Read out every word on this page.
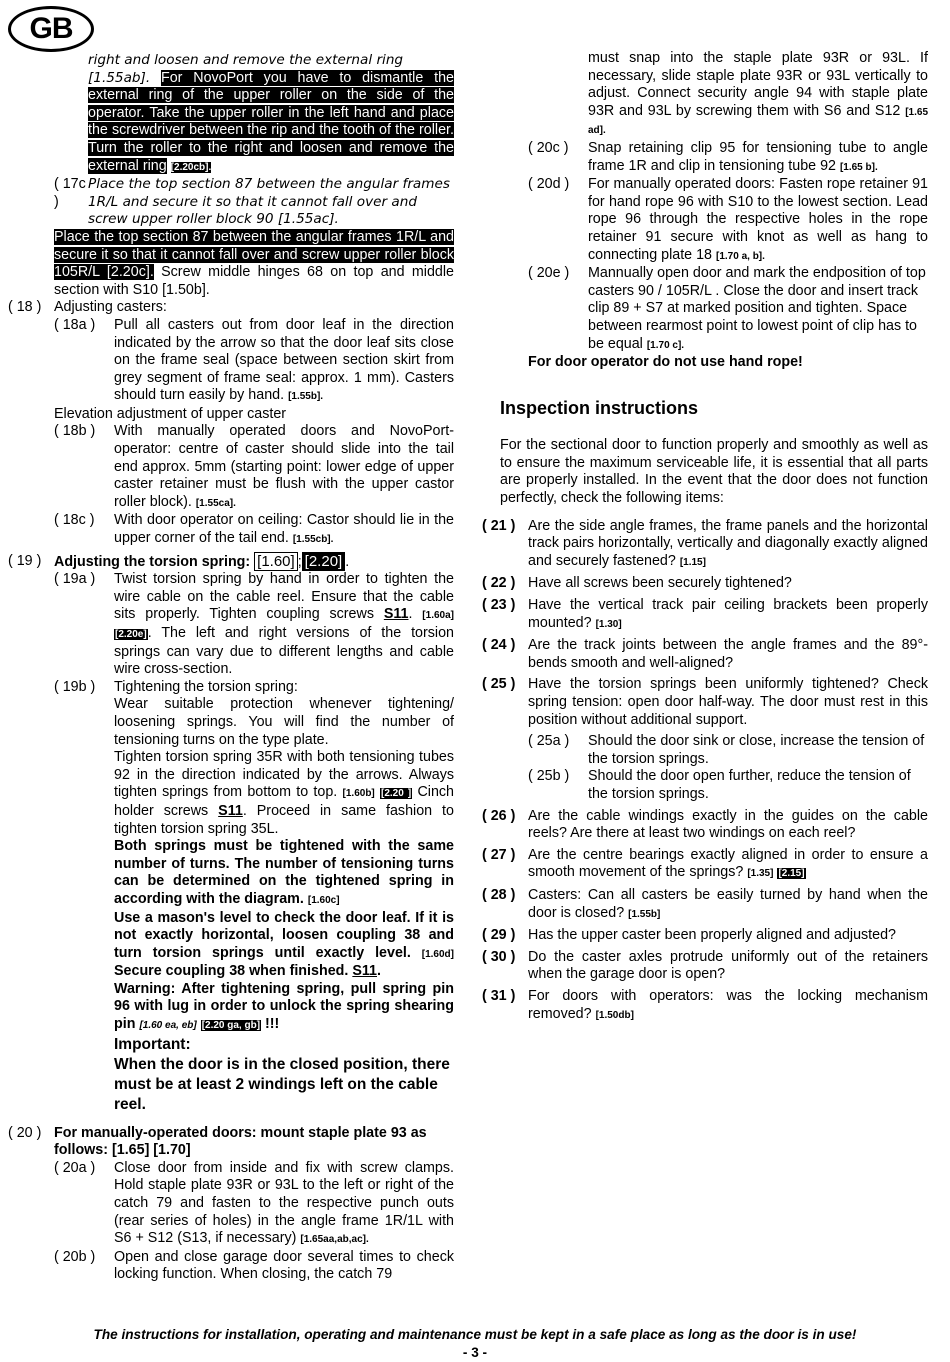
GB
right and loosen and remove the external ring
[1.55ab]. For NovoPort you have to dismantle the external ring of the upper roller on the side of the operator. Take the upper roller in the left hand and place the screwdriver between the rip and the tooth of the roller. Turn the roller to the right and loosen and remove the external ring [2.20cb].
( 17c )
Place the top section 87 between the angular frames 1R/L and secure it so that it cannot fall over and screw upper roller block 90 [1.55ac].
Place the top section 87 between the angular frames 1R/L and secure it so that it cannot fall over and screw upper roller block 105R/L [2.20c]. Screw middle hinges 68 on top and middle section with S10 [1.50b].
( 18 ) Adjusting casters:
( 18a )	Pull all casters out from door leaf in the direction indicated by the arrow so that the door leaf sits close on the frame seal (space between section skirt from grey segment of frame seal: approx. 1 mm). Casters should turn easily by hand. [1.55b].
Elevation adjustment of upper caster
( 18b )	With manually operated doors and NovoPort-operator: centre of caster should slide into the tail end approx. 5mm (starting point: lower edge of upper caster retainer must be flush with the upper castor roller block). [1.55ca].
( 18c )	With door operator on ceiling: Castor should lie in the upper corner of the tail end. [1.55cb].
( 19 ) Adjusting the torsion spring: [1.60] ; [2.20] .
( 19a )	Twist torsion spring by hand in order to tighten the wire cable on the cable reel. Ensure that the cable sits properly. Tighten coupling screws S11. [1.60a] [2.20e]. The left and right versions of the torsion springs can vary due to different lengths and cable wire cross-section.
( 19b )	Tightening the torsion spring:
Wear suitable protection whenever tightening/ loosening springs. You will find the number of tensioning turns on the type plate.
Tighten torsion spring 35R with both tensioning tubes 92 in the direction indicated by the arrows. Always tighten springs from bottom to top. [1.60b] [2.20 ] Cinch holder screws S11. Proceed in same fashion to tighten torsion spring 35L.
Both springs must be tightened with the same number of turns. The number of tensioning turns can be determined on the tightened spring in according with the diagram. [1.60c]
Use a mason's level to check the door leaf. If it is not exactly horizontal, loosen coupling 38 and turn torsion springs until exactly level. [1.60d] Secure coupling 38 when finished. S11.
Warning: After tightening spring, pull spring pin 96 with lug in order to unlock the spring shearing pin [1.60 ea, eb] [2.20 ga, gb] !!!
Important:
When the door is in the closed position, there must be at least 2 windings left on the cable reel.
( 20 ) For manually-operated doors: mount staple plate 93 as follows: [1.65] [1.70]
( 20a )	Close door from inside and fix with screw clamps. Hold staple plate 93R or 93L to the left or right of the catch 79 and fasten to the respective punch outs (rear series of holes) in the angle frame 1R/1L with S6 + S12 (S13, if necessary) [1.65aa,ab,ac].
( 20b )	Open and close garage door several times to check locking function. When closing, the catch 79
must snap into the staple plate 93R or 93L. If necessary, slide staple plate 93R or 93L vertically to adjust. Connect security angle 94 with staple plate 93R and 93L by screwing them with S6 and S12 [1.65 ad].
( 20c )	Snap retaining clip 95 for tensioning tube to angle frame 1R and clip in tensioning tube 92 [1.65 b].
( 20d )	For manually operated doors: Fasten rope retainer 91 for hand rope 96 with S10 to the lowest section. Lead rope 96 through the respective holes in the rope retainer 91 secure with knot as well as hang to connecting plate 18 [1.70 a, b].
( 20e )	Mannually open door and mark the endposition of top casters 90 / 105R/L . Close the door and insert track clip 89 + S7 at marked position and tighten. Space between rearmost point to lowest point of clip has to be equal [1.70 c].
For door operator do not use hand rope!
Inspection instructions
For the sectional door to function properly and smoothly as well as to ensure the maximum serviceable life, it is essential that all parts are properly installed. In the event that the door does not function perfectly, check the following items:
( 21 ) Are the side angle frames, the frame panels and the horizontal track pairs horizontally, vertically and diagonally exactly aligned and securely fastened? [1.15]
( 22 ) Have all screws been securely tightened?
( 23 ) Have the vertical track pair ceiling brackets been properly mounted? [1.30]
( 24 ) Are the track joints between the angle frames and the 89°-bends smooth and well-aligned?
( 25 ) Have the torsion springs been uniformly tightened? Check spring tension: open door half-way. The door must rest in this position without additional support.
( 25a )	Should the door sink or close, increase the tension of the torsion springs.
( 25b )	Should the door open further, reduce the tension of the torsion springs.
( 26 ) Are the cable windings exactly in the guides on the cable reels? Are there at least two windings on each reel?
( 27 ) Are the centre bearings exactly aligned in order to ensure a smooth movement of the springs? [1.35] [2.15]
( 28 ) Casters: Can all casters be easily turned by hand when the door is closed? [1.55b]
( 29 ) Has the upper caster been properly aligned and adjusted?
( 30 ) Do the caster axles protrude uniformly out of the retainers when the garage door is open?
( 31 ) For doors with operators: was the locking mechanism removed? [1.50db]
The instructions for installation, operating and maintenance must be kept in a safe place as long as the door is in use!
- 3 -
